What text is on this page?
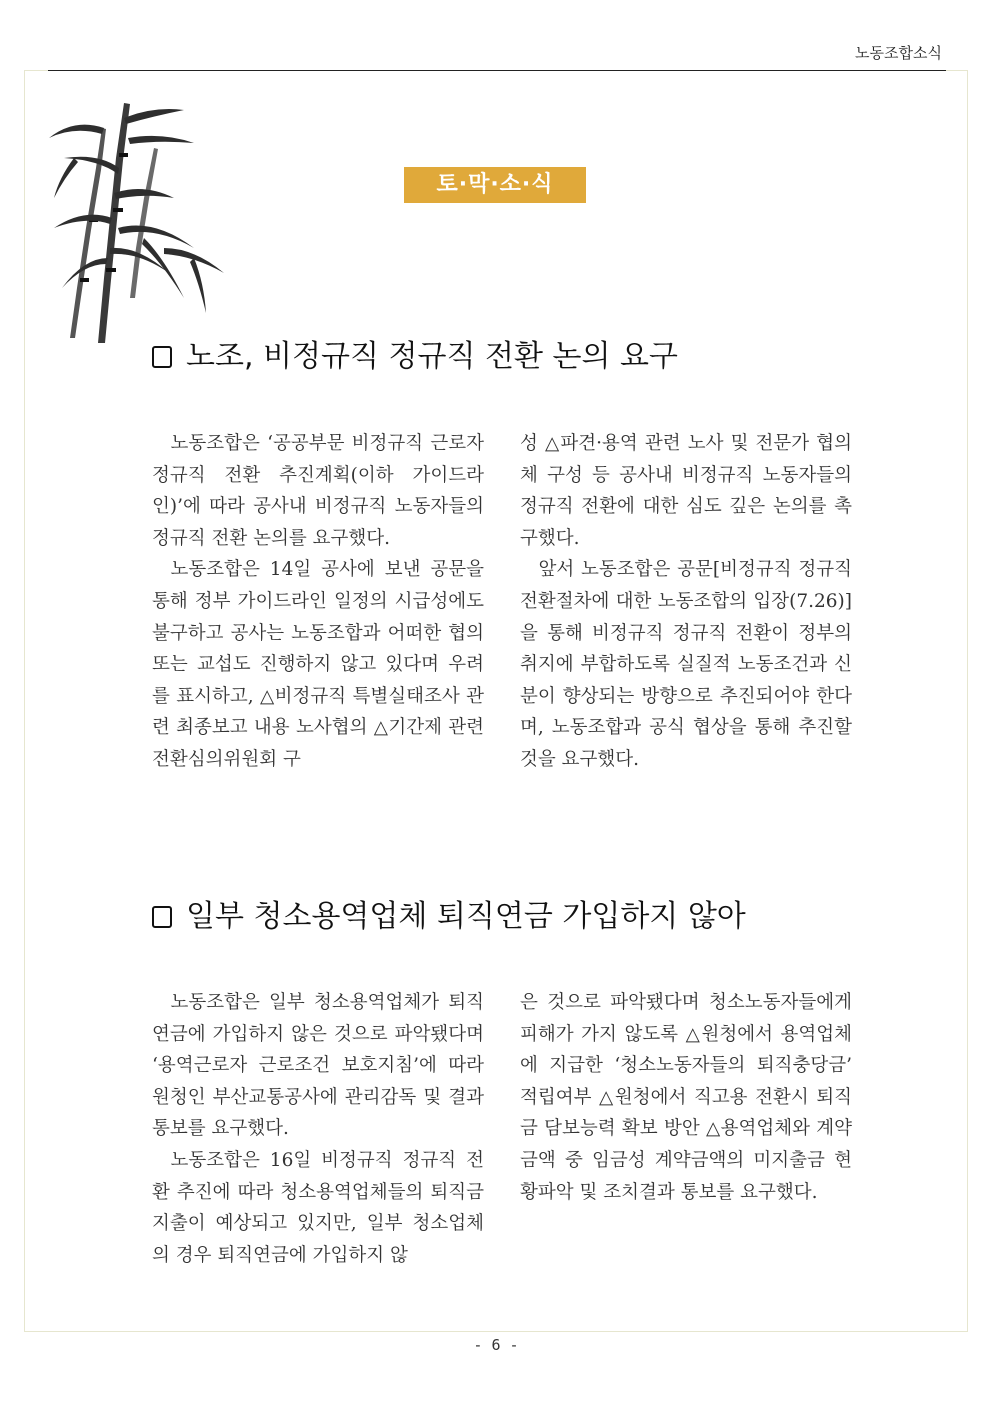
노동조합소식
토·막·소·식
노조, 비정규직 정규직 전환 논의 요구

노동조합은 ‘공공부문 비정규직 근로자 정규직 전환 추진계획(이하 가이드라인)’에 따라 공사내 비정규직 노동자들의 정규직 전환 논의를 요구했다.

노동조합은 14일 공사에 보낸 공문을 통해 정부 가이드라인 일정의 시급성에도 불구하고 공사는 노동조합과 어떠한 협의 또는 교섭도 진행하지 않고 있다며 우려를 표시하고, △비정규직 특별실태조사 관련 최종보고 내용 노사협의 △기간제 관련 전환심의위원회 구

성 △파견·용역 관련 노사 및 전문가 협의체 구성 등 공사내 비정규직 노동자들의 정규직 전환에 대한 심도 깊은 논의를 촉구했다.

앞서 노동조합은 공문[비정규직 정규직 전환절차에 대한 노동조합의 입장(7.26)]을 통해 비정규직 정규직 전환이 정부의 취지에 부합하도록 실질적 노동조건과 신분이 향상되는 방향으로 추진되어야 한다며, 노동조합과 공식 협상을 통해 추진할 것을 요구했다.

일부 청소용역업체 퇴직연금 가입하지 않아

노동조합은 일부 청소용역업체가 퇴직연금에 가입하지 않은 것으로 파악됐다며 ‘용역근로자 근로조건 보호지침’에 따라 원청인 부산교통공사에 관리감독 및 결과통보를 요구했다.

노동조합은 16일 비정규직 정규직 전환 추진에 따라 청소용역업체들의 퇴직금 지출이 예상되고 있지만, 일부 청소업체의 경우 퇴직연금에 가입하지 않

은 것으로 파악됐다며 청소노동자들에게 피해가 가지 않도록 △원청에서 용역업체에 지급한 ‘청소노동자들의 퇴직충당금’ 적립여부 △원청에서 직고용 전환시 퇴직금 담보능력 확보 방안 △용역업체와 계약금액 중 임금성 계약금액의 미지출금 현황파악 및 조치결과 통보를 요구했다.

- 6 -
